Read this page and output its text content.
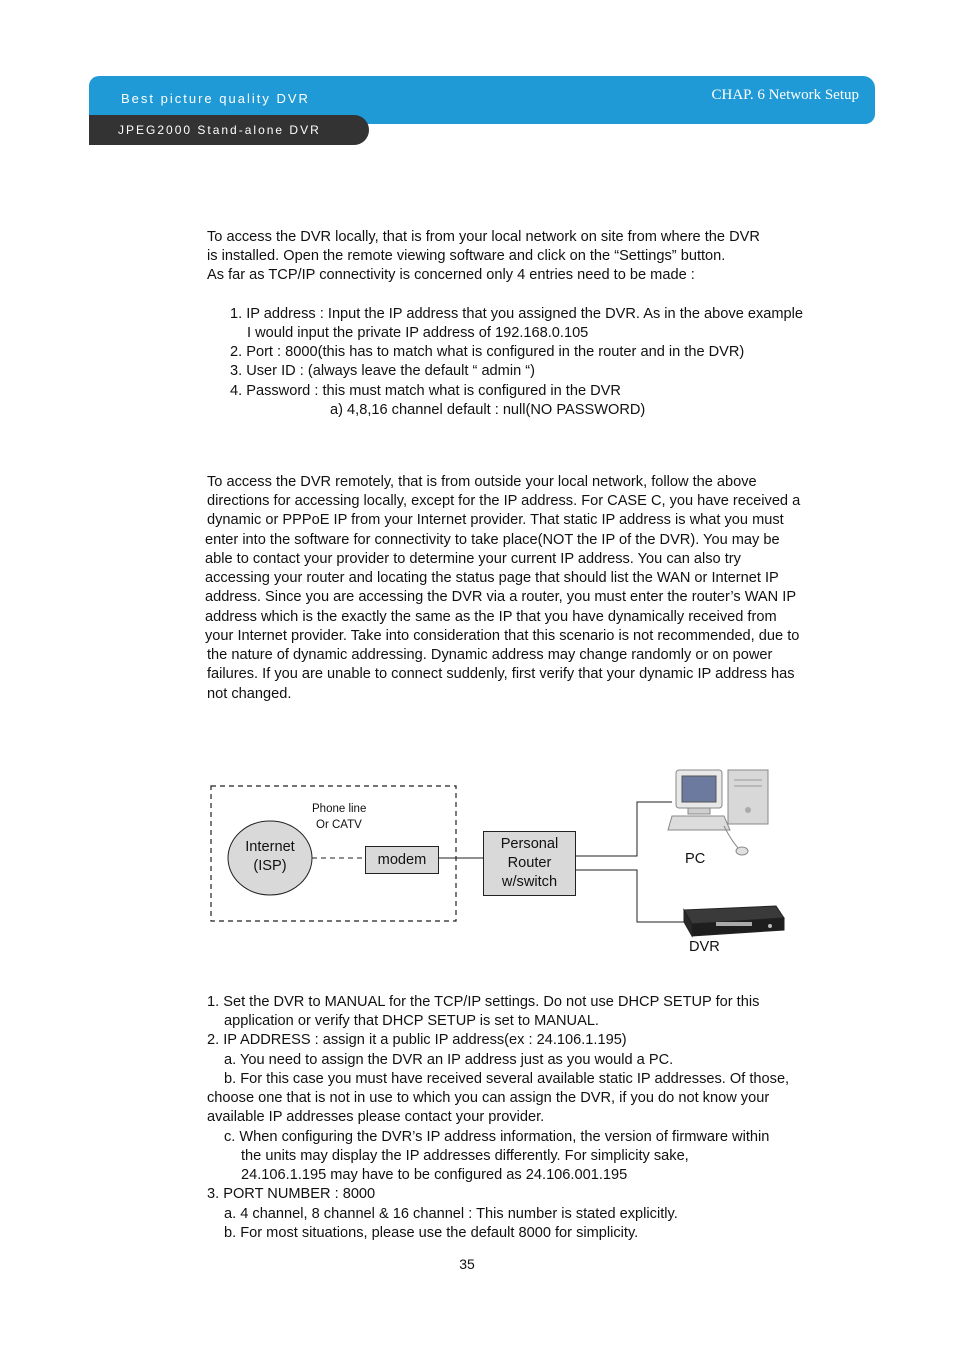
Best picture quality DVR	CHAP. 6 Network Setup
JPEG2000 Stand-alone DVR
To access the DVR locally, that is from your local network on site from where the DVR
is installed. Open the remote viewing software and click on the “Settings” button.
As far as TCP/IP connectivity is concerned only 4 entries need to be made :
1. IP address : Input the IP address that you assigned the DVR. As in the above example
I would input the private IP address of 192.168.0.105
2. Port : 8000(this has to match what is configured in the router and in the DVR)
3. User ID : (always leave the default “ admin “)
4. Password : this must match what is configured in the DVR
a) 4,8,16 channel default : null(NO PASSWORD)
To access the DVR remotely, that is from outside your local network, follow the above
directions for accessing locally, except for the IP address. For CASE C, you have received a
dynamic or PPPoE IP from your Internet provider. That static IP address is what you must
enter into the software for connectivity to take place(NOT the IP of the DVR). You may be
able to contact your provider to determine your current IP address. You can also try
accessing your router and locating the status page that should list the WAN or Internet IP
address. Since you are accessing the DVR via a router, you must enter the router’s WAN IP
address which is the exactly the same as the IP that you have dynamically received from
your Internet provider. Take into consideration that this scenario is not recommended, due to
the nature of dynamic addressing. Dynamic address may change randomly or on power
failures. If you are unable to connect suddenly, first verify that your dynamic IP address has
not changed.
Phone line
Or CATV
Internet
(ISP)	modem
Personal
Router
w/switch
PC
DVR
1. Set the DVR to MANUAL for the TCP/IP settings. Do not use DHCP SETUP for this
application or verify that DHCP SETUP is set to MANUAL.
2. IP ADDRESS : assign it a public IP address(ex : 24.106.1.195)
a. You need to assign the DVR an IP address just as you would a PC.
b. For this case you must have received several available static IP addresses. Of those,
choose one that is not in use to which you can assign the DVR, if you do not know your
available IP addresses please contact your provider.
c. When configuring the DVR’s IP address information, the version of firmware within
the units may display the IP addresses differently. For simplicity sake,
24.106.1.195 may have to be configured as 24.106.001.195
3. PORT NUMBER : 8000
a. 4 channel, 8 channel & 16 channel : This number is stated explicitly.
b. For most situations, please use the default 8000 for simplicity.
35
